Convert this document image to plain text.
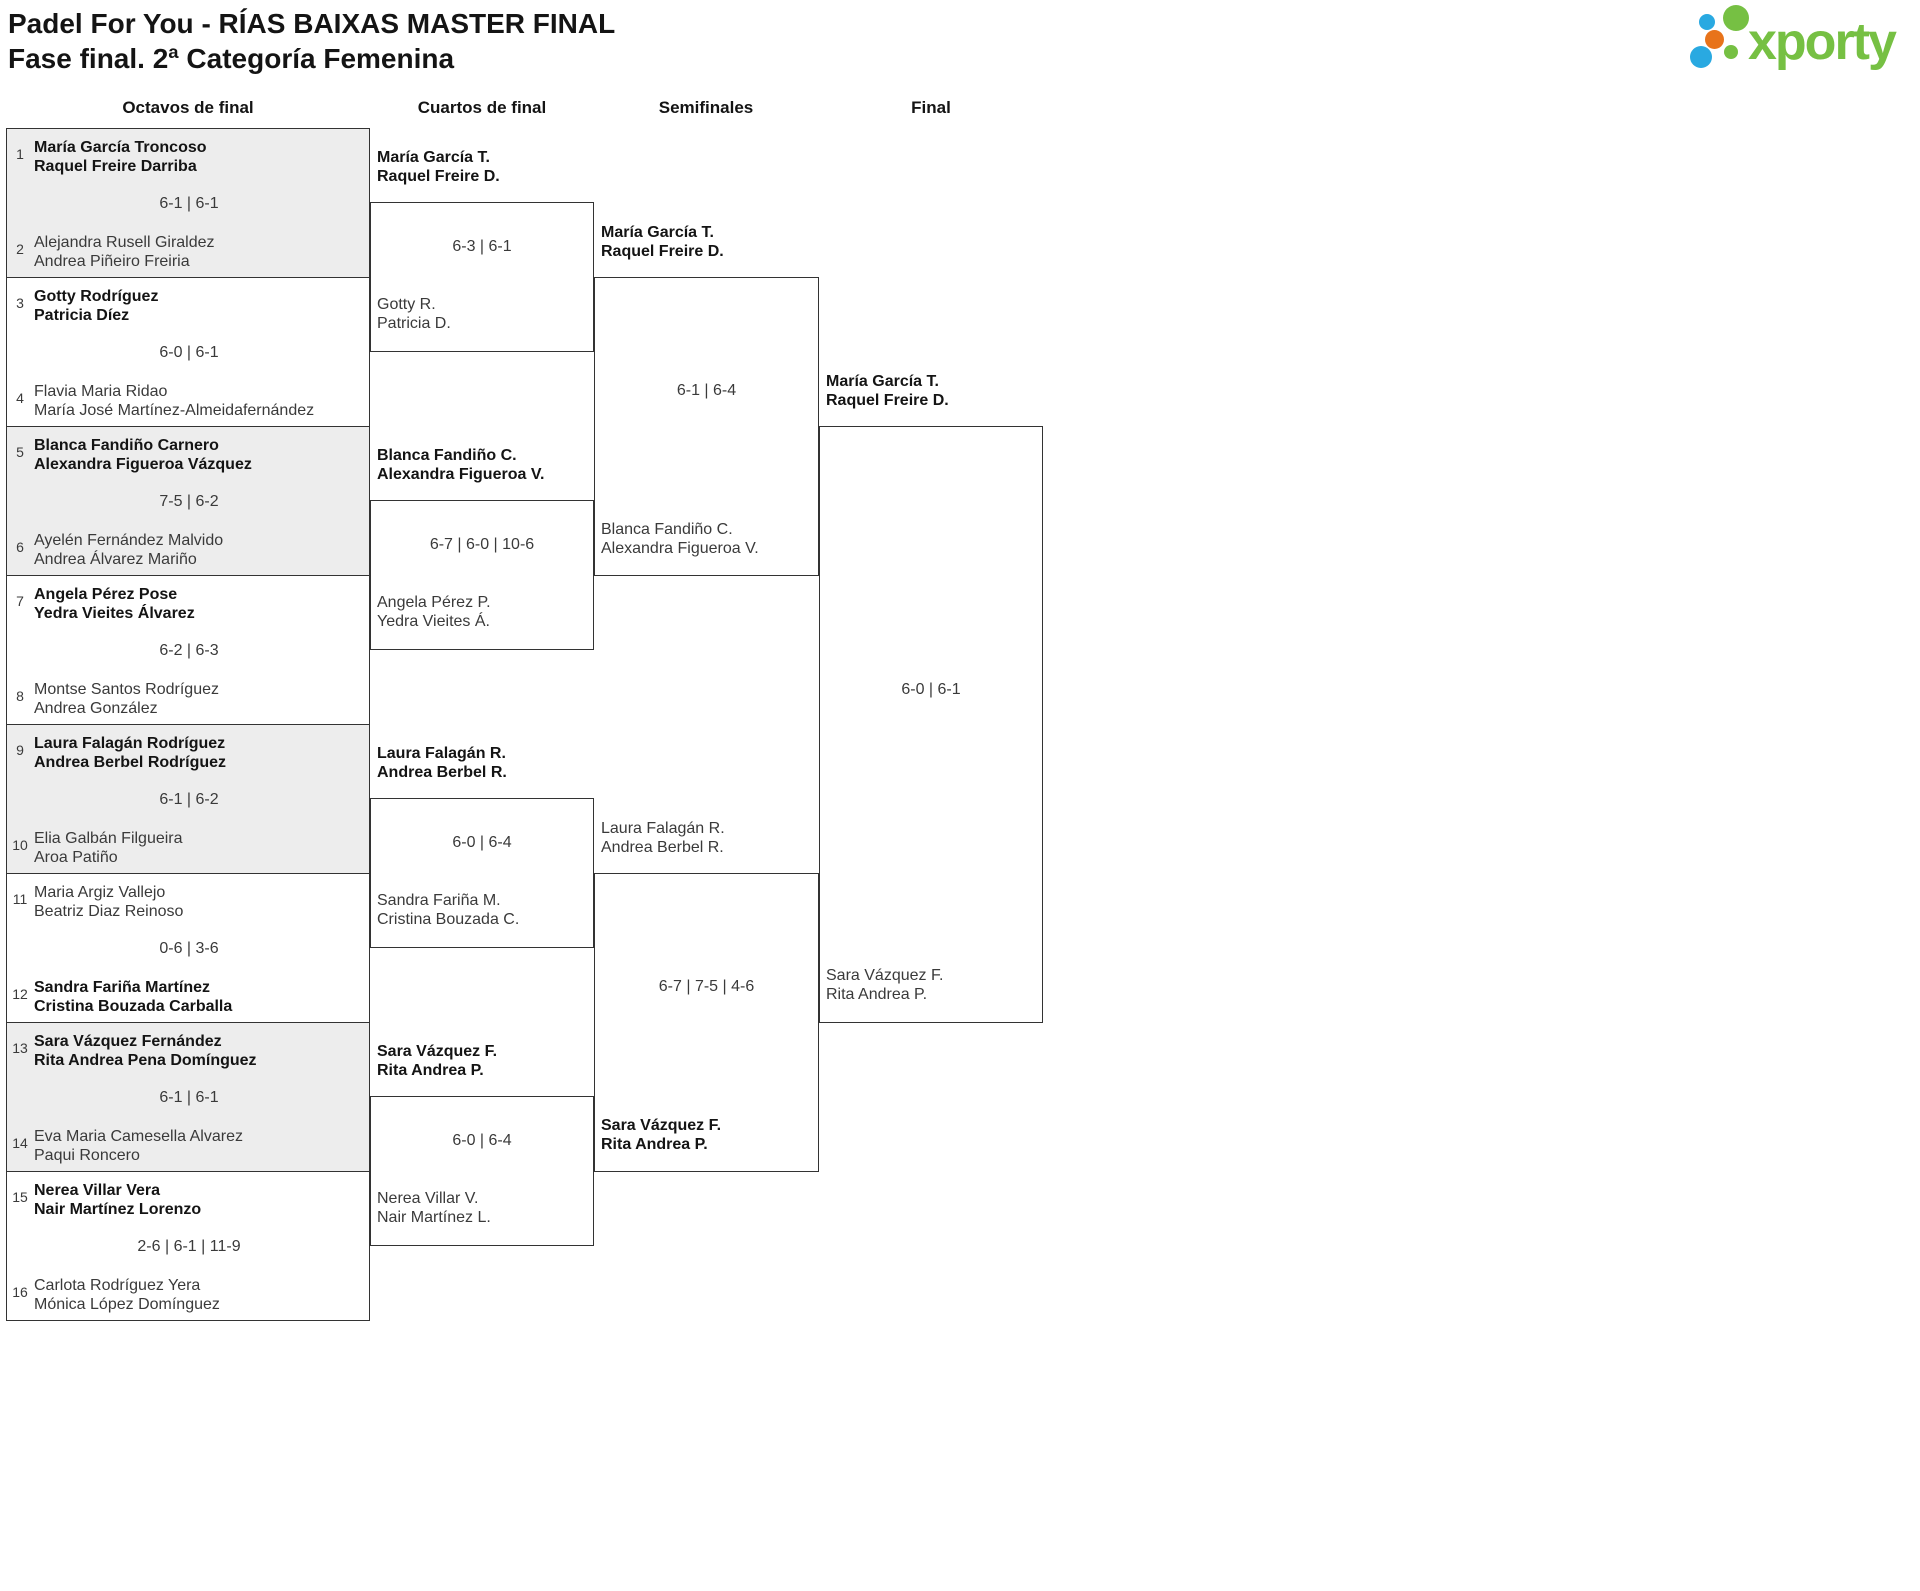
Padel For You - RÍAS BAIXAS MASTER FINAL
Fase final. 2ª Categoría Femenina	xporty
Octavos de final	Cuartos de final	Semifinales	Final
1 María García Troncoso
Raquel Freire Darriba
6-1 | 6-1
2 Alejandra Rusell Giraldez
Andrea Piñeiro Freiria
3 Gotty Rodríguez
Patricia Díez
6-0 | 6-1
4 Flavia Maria Ridao
María José Martínez-Almeidafernández
5 Blanca Fandiño Carnero
Alexandra Figueroa Vázquez
7-5 | 6-2
6 Ayelén Fernández Malvido
Andrea Álvarez Mariño
7 Angela Pérez Pose
Yedra Vieites Álvarez
6-2 | 6-3
8 Montse Santos Rodríguez
Andrea González
9 Laura Falagán Rodríguez
Andrea Berbel Rodríguez
6-1 | 6-2
10 Elia Galbán Filgueira
Aroa Patiño
11 Maria Argiz Vallejo
Beatriz Diaz Reinoso
0-6 | 3-6
12 Sandra Fariña Martínez
Cristina Bouzada Carballa
13 Sara Vázquez Fernández
Rita Andrea Pena Domínguez
6-1 | 6-1
14 Eva Maria Camesella Alvarez
Paqui Roncero
15 Nerea Villar Vera
Nair Martínez Lorenzo
2-6 | 6-1 | 11-9
16 Carlota Rodríguez Yera
Mónica López Domínguez
María García T.
Raquel Freire D.
6-3 | 6-1
Gotty R.
Patricia D.
Blanca Fandiño C.
Alexandra Figueroa V.
6-7 | 6-0 | 10-6
Angela Pérez P.
Yedra Vieites Á.
Laura Falagán R.
Andrea Berbel R.
6-0 | 6-4
Sandra Fariña M.
Cristina Bouzada C.
Sara Vázquez F.
Rita Andrea P.
6-0 | 6-4
Nerea Villar V.
Nair Martínez L.
María García T.
Raquel Freire D.
6-1 | 6-4
Blanca Fandiño C.
Alexandra Figueroa V.
Laura Falagán R.
Andrea Berbel R.
6-7 | 7-5 | 4-6
Sara Vázquez F.
Rita Andrea P.
María García T.
Raquel Freire D.
6-0 | 6-1
Sara Vázquez F.
Rita Andrea P.
